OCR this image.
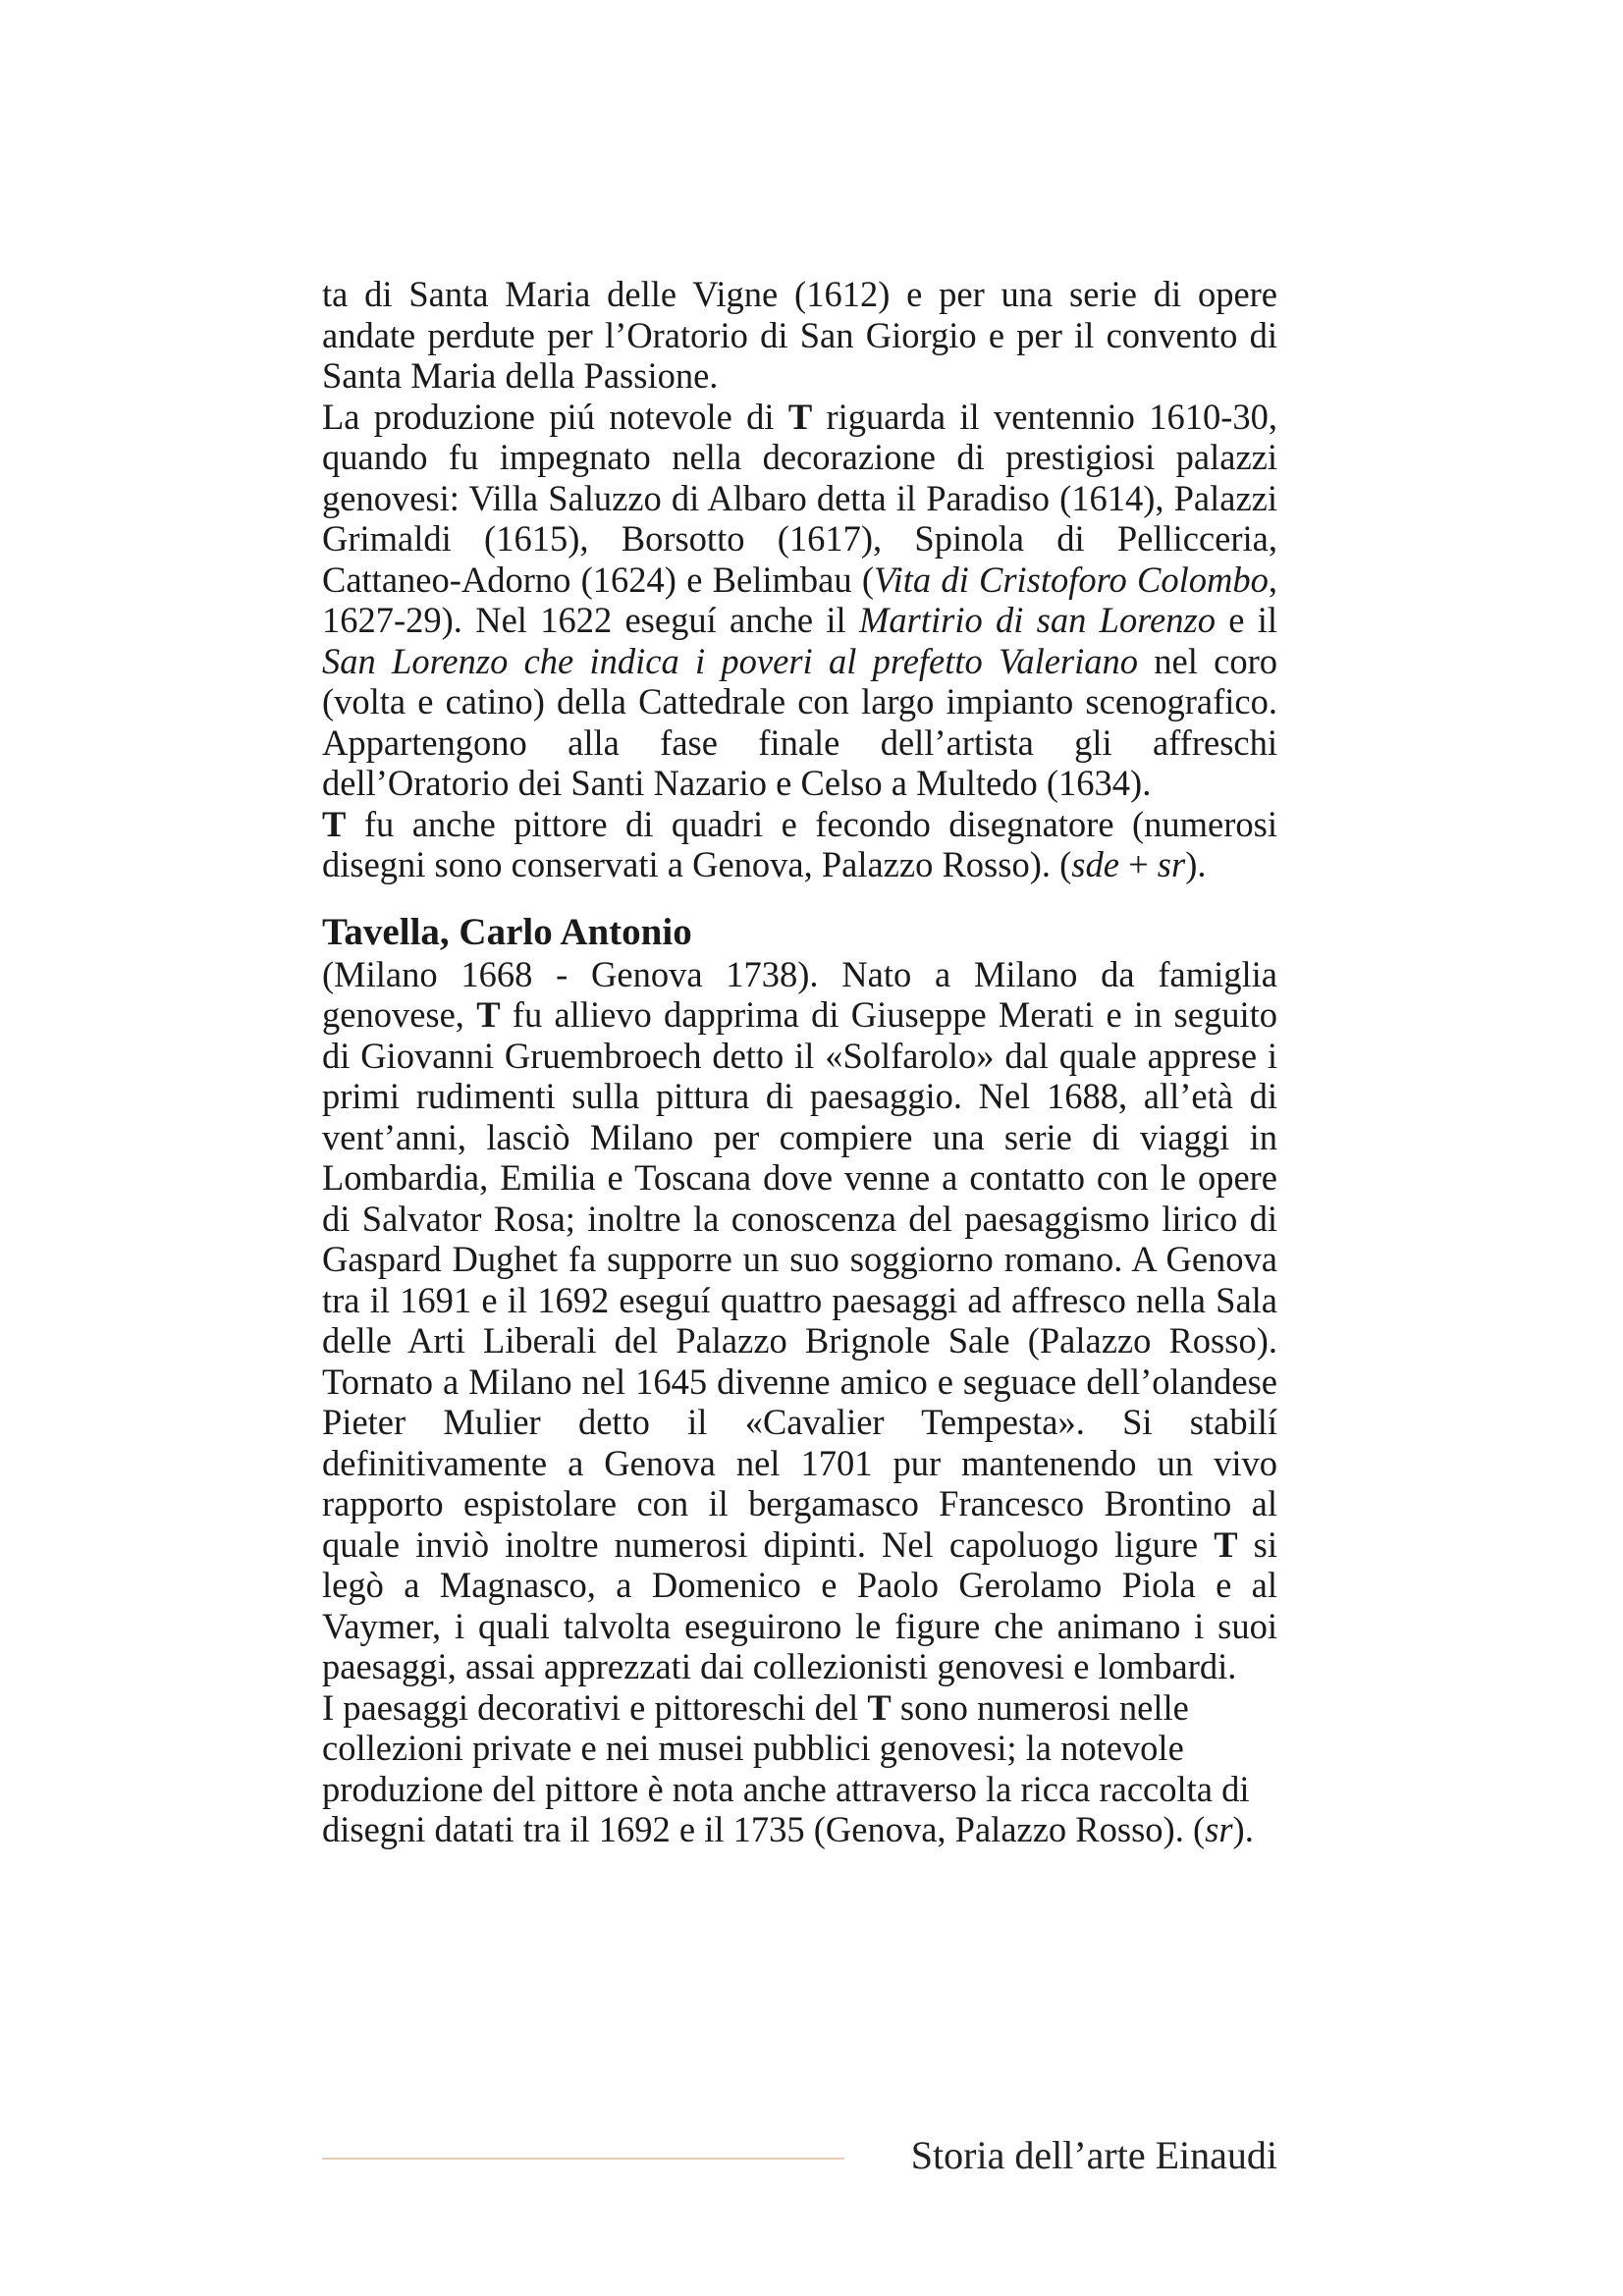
ta di Santa Maria delle Vigne (1612) e per una serie di opere andate perdute per l’Oratorio di San Giorgio e per il convento di Santa Maria della Passione.

La produzione piú notevole di T riguarda il ventennio 1610-30, quando fu impegnato nella decorazione di prestigiosi palazzi genovesi: Villa Saluzzo di Albaro detta il Paradiso (1614), Palazzi Grimaldi (1615), Borsotto (1617), Spinola di Pellicceria, Cattaneo-Adorno (1624) e Belimbau (Vita di Cristoforo Colombo, 1627-29). Nel 1622 eseguí anche il Martirio di san Lorenzo e il San Lorenzo che indica i poveri al prefetto Valeriano nel coro (volta e catino) della Cattedrale con largo impianto scenografico. Appartengono alla fase finale dell’artista gli affreschi dell’Oratorio dei Santi Nazario e Celso a Multedo (1634).

T fu anche pittore di quadri e fecondo disegnatore (numerosi disegni sono conservati a Genova, Palazzo Rosso). (sde + sr).

Tavella, Carlo Antonio

(Milano 1668 - Genova 1738). Nato a Milano da famiglia genovese, T fu allievo dapprima di Giuseppe Merati e in seguito di Giovanni Gruembroech detto il «Solfarolo» dal quale apprese i primi rudimenti sulla pittura di paesaggio. Nel 1688, all’età di vent’anni, lasciò Milano per compiere una serie di viaggi in Lombardia, Emilia e Toscana dove venne a contatto con le opere di Salvator Rosa; inoltre la conoscenza del paesaggismo lirico di Gaspard Dughet fa supporre un suo soggiorno romano. A Genova tra il 1691 e il 1692 eseguí quattro paesaggi ad affresco nella Sala delle Arti Liberali del Palazzo Brignole Sale (Palazzo Rosso). Tornato a Milano nel 1645 divenne amico e seguace dell’olandese Pieter Mulier detto il «Cavalier Tempesta». Si stabilí definitivamente a Genova nel 1701 pur mantenendo un vivo rapporto espistolare con il bergamasco Francesco Brontino al quale inviò inoltre numerosi dipinti. Nel capoluogo ligure T si legò a Magnasco, a Domenico e Paolo Gerolamo Piola e al Vaymer, i quali talvolta eseguirono le figure che animano i suoi paesaggi, assai apprezzati dai collezionisti genovesi e lombardi.

I paesaggi decorativi e pittoreschi del T sono numerosi nelle collezioni private e nei musei pubblici genovesi; la notevole produzione del pittore è nota anche attraverso la ricca raccolta di disegni datati tra il 1692 e il 1735 (Genova, Palazzo Rosso). (sr).

Storia dell’arte Einaudi
